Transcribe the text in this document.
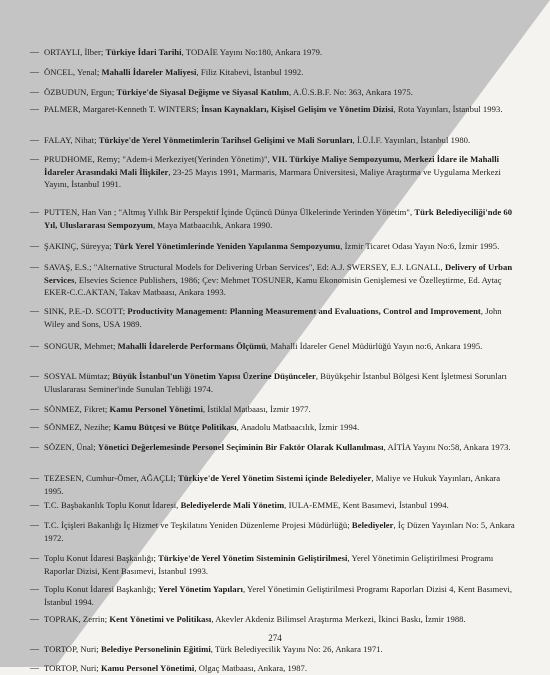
— ORTAYLI, İlber; Türkiye İdari Tarihi, TODAİE Yayını No:180, Ankara 1979.
— ÖNCEL, Yenal; Mahalli İdareler Maliyesi, Filiz Kitabevi, İstanbul 1992.
— ÖZBUDUN, Ergun; Türkiye'de Siyasal Değişme ve Siyasal Katılım, A.Ü.S.B.F. No: 363, Ankara 1975.
— PALMER, Margaret-Kenneth T. WINTERS; İnsan Kaynakları, Kişisel Gelişim ve Yönetim Dizisi, Rota Yayınları, İstanbul 1993.
— FALAY, Nihat; Türkiye'de Yerel Yönmetimlerin Tarihsel Gelişimi ve Mali Sorunları, İ.Ü.İ.F. Yayınları, İstanbul 1980.
— PRUDHOME, Remy; "Adem-i Merkeziyet(Yerinden Yönetim)", VII. Türkiye Maliye Sempozyumu, Merkezi İdare ile Mahalli İdareler Arasındaki Mali İlişkiler, 23-25 Mayıs 1991, Marmaris, Marmara Üniversitesi, Maliye Araştırma ve Uygulama Merkezi Yayını, İstanbul 1991.
— PUTTEN, Han Van ; "Altmış Yıllık Bir Perspektif İçinde Üçüncü Dünya Ülkelerinde Yerinden Yönetim", Türk Belediyeciliği'nde 60 Yıl, Uluslararası Sempozyum, Maya Matbaacılık, Ankara 1990.
— ŞAKINÇ, Süreyya; Türk Yerel Yönetimlerinde Yeniden Yapılanma Sempozyumu, İzmir Ticaret Odası Yayın No:6, İzmir 1995.
— SAVAŞ, E.S.; "Alternative Structural Models for Delivering Urban Services", Ed: A.J. SWERSEY, E.J. LGNALL, Delivery of Urban Services, Elsevies Science Publishers, 1986; Çev: Mehmet TOSUNER, Kamu Ekonomisin Genişlemesi ve Özelleştirme, Ed. Aytaç EKER-C.C.AKTAN, Takav Matbaası, Ankara 1993.
— SINK, P.E.-D. SCOTT; Productivity Management: Planning Measurement and Evaluations, Control and Improvement, John Wiley and Sons, USA 1989.
— SONGUR, Mehmet; Mahalli İdarelerde Performans Ölçümü, Mahalli İdareler Genel Müdürlüğü Yayın no:6, Ankara 1995.
— SOSYAL Mümtaz; Büyük İstanbul'un Yönetim Yapısı Üzerine Düşünceler, Büyükşehir İstanbul Bölgesi Kent İşletmesi Sorunları Uluslararası Seminer'inde Sunulan Tebliği 1974.
— SÖNMEZ, Fikret; Kamu Personel Yönetimi, İstiklal Matbaası, İzmir 1977.
— SÖNMEZ, Nezihe; Kamu Bütçesi ve Bütçe Politikası, Anadolu Matbaacılık, İzmir 1994.
— SÖZEN, Ünal; Yönetici Değerlemesinde Personel Seçiminin Bir Faktör Olarak Kullanılması, AİTİA Yayını No:58, Ankara 1973.
— TEZESEN, Cumhur-Ömer, AĞAÇLI; Türkiye'de Yerel Yönetim Sistemi içinde Belediyeler, Maliye ve Hukuk Yayınları, Ankara 1995.
— T.C. Başbakanlık Toplu Konut İdaresi, Belediyelerde Mali Yönetim, IULA-EMME, Kent Basımevi, İstanbul 1994.
— T.C. İçişleri Bakanlığı İç Hizmet ve Teşkilatını Yeniden Düzenleme Projesi Müdürlüğü; Belediyeler, İç Düzen Yayınları No: 5, Ankara 1972.
— Toplu Konut İdaresi Başkanlığı; Türkiye'de Yerel Yönetim Sisteminin Geliştirilmesi, Yerel Yönetimin Geliştirilmesi Programı Raporlar Dizisi, Kent Basımevi, İstanbul 1993.
— Toplu Konut İdaresi Başkanlığı; Yerel Yönetim Yapıları, Yerel Yönetimin Geliştirilmesi Programı Raporları Dizisi 4, Kent Basımevi, İstanbul 1994.
— TOPRAK, Zerrin; Kent Yönetimi ve Politikası, Akevler Akdeniz Bilimsel Araştırma Merkezi, İkinci Baskı, İzmir 1988.
— TORTOP, Nuri; Belediye Personelinin Eğitimi, Türk Belediyecilik Yayını No: 26, Ankara 1971.
— TORTOP, Nuri; Kamu Personel Yönetimi, Olgaç Matbaası, Ankara, 1987.
274
